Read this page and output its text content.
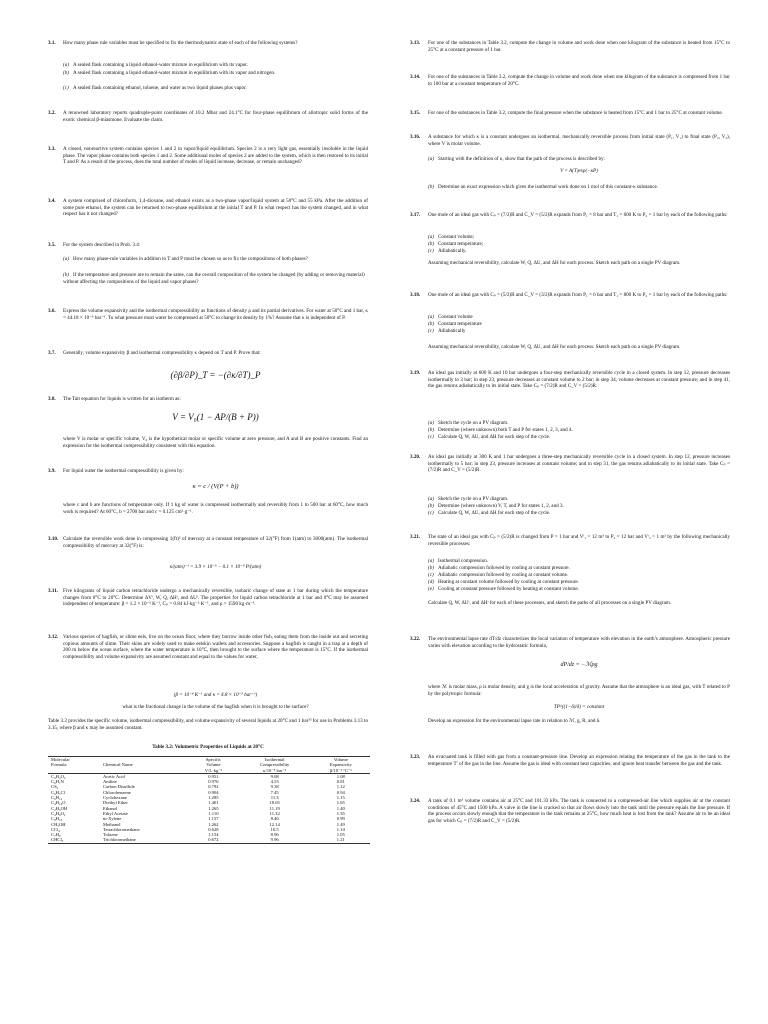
3.1. How many phase rule variables must be specified to fix the thermodynamic state of each of the following systems?
(a) A sealed flask containing a liquid ethanol-water mixture in equilibrium with its vapor.
(b) A sealed flask containing a liquid ethanol-water mixture in equilibrium with its vapor and nitrogen.
(c) A sealed flask containing ethanol, toluene, and water as two liquid phases plus vapor.
3.2. A renowned laboratory reports quadruple-point coordinates of 10.2 Mbar and 24.1°C for four-phase equilibrium of allotropic solid forms of the exotic chemical β-miasmone. Evaluate the claim.
3.3. A closed, nonreactive system contains species 1 and 2 in vapor/liquid equilibrium. Species 2 is a very light gas, essentially insoluble in the liquid phase. The vapor phase contains both species 1 and 2. Some additional moles of species 2 are added to the system, which is then restored to its initial T and P. As a result of the process, does the total number of moles of liquid increase, decrease, or remain unchanged?
3.4. A system comprised of chloroform, 1,4-dioxane, and ethanol exists as a two-phase vapor/liquid system at 50°C and 55 kPa. After the addition of some pure ethanol, the system can be returned to two-phase equilibrium at the initial T and P. In what respect has the system changed, and in what respect has it not changed?
3.5. For the system described in Prob. 3.4:
(a) How many phase-rule variables in addition to T and P must be chosen so as to fix the compositions of both phases?
(b) If the temperature and pressure are to remain the same, can the overall composition of the system be changed (by adding or removing material) without affecting the compositions of the liquid and vapor phases?
3.6. Express the volume expansivity and the isothermal compressibility as functions of density ρ and its partial derivatives. For water at 50°C and 1 bar, κ = 44.18 × 10⁻⁶ bar⁻¹. To what pressure must water be compressed at 50°C to change its density by 1%? Assume that κ is independent of P.
3.7. Generally, volume expansivity β and isothermal compressibility κ depend on T and P. Prove that:
(∂β/∂P)_T = −(∂κ/∂T)_P
3.8. The Tait equation for liquids is written for an isotherm as:
V = V₀(1 − AP/(B + P))
where V is molar or specific volume, V₀ is the hypothetical molar or specific volume at zero pressure, and A and B are positive constants. Find an expression for the isothermal compressibility consistent with this equation.
3.9. For liquid water the isothermal compressibility is given by:
κ = c / (V(P + b))
where c and b are functions of temperature only. If 1 kg of water is compressed isothermally and reversibly from 1 to 500 bar at 60°C, how much work is required? At 60°C, b = 2700 bar and c = 0.125 cm³·g⁻¹.
3.10. Calculate the reversible work done in compressing 1(ft)³ of mercury at a constant temperature of 32(°F) from 1(atm) to 3000(atm). The isothermal compressibility of mercury at 32(°F) is:
κ/(atm)⁻¹ = 3.9 × 10⁻⁶ − 0.1 × 10⁻⁹ P/(atm)
3.11. Five kilograms of liquid carbon tetrachloride undergo a mechanically reversible, isobaric change of state at 1 bar during which the temperature changes from 0°C to 20°C. Determine ΔVᵗ, W, Q, ΔHᵗ, and ΔUᵗ. The properties for liquid carbon tetrachloride at 1 bar and 0°C may be assumed independent of temperature: β = 1.2 × 10⁻³ K⁻¹, Cₚ = 0.84 kJ·kg⁻¹·K⁻¹, and ρ = 1590 kg·m⁻³.
3.12. Various species of hagfish, or slime eels, live on the ocean floor, where they burrow inside other fish, eating them from the inside out and secreting copious amounts of slime. Their skins are widely used to make eelskin wallets and accessories. Suppose a hagfish is caught in a trap at a depth of 200 m below the ocean surface, where the water temperature is 10°C, then brought to the surface where the temperature is 15°C. If the isothermal compressibility and volume expansivity are assumed constant and equal to the values for water,
(β = 10⁻⁴ K⁻¹ and κ = 4.8 × 10⁻⁵ bar⁻¹)
what is the fractional change in the volume of the hagfish when it is brought to the surface?
Table 3.2 provides the specific volume, isothermal compressibility, and volume expansivity of several liquids at 20°C and 1 bar²³ for use in Problems 3.13 to 3.15, where β and κ may be assumed constant.
Table 3.2: Volumetric Properties of Liquids at 20°C
Molecular		Specific	Isothermal	Volume
Formula	Chemical Name	Volume	Compressibility	Expansivity
		V/L·kg⁻¹	κ/10⁻⁵ bar⁻¹	β/10⁻³ °C⁻¹
C₂H₄O₂	Acetic Acid	0.951	9.08	1.08
C₆H₇N	Aniline	0.976	4.53	0.81
CS₂	Carbon Disulfide	0.792	9.38	1.12
C₆H₅Cl	Chlorobenzene	0.904	7.45	0.94
C₆H₁₂	Cyclohexane	1.285	11.3	1.15
C₄H₁₀O	Diethyl Ether	1.401	18.65	1.65
C₂H₅OH	Ethanol	1.265	11.19	1.40
C₄H₈O₂	Ethyl Acetate	1.110	11.32	1.35
C₈H₁₀	m-Xylene	1.157	8.46	0.99
CH₃OH	Methanol	1.262	12.14	1.49
CCl₄	Tetrachloromethane	0.628	10.5	1.14
C₇H₈	Toluene	1.154	8.96	1.05
CHCl₃	Trichloromethane	0.672	9.96	1.21
3.13. For one of the substances in Table 3.2, compute the change in volume and work done when one kilogram of the substance is heated from 15°C to 25°C at a constant pressure of 1 bar.
3.14. For one of the substances in Table 3.2, compute the change in volume and work done when one kilogram of the substance is compressed from 1 bar to 100 bar at a constant temperature of 20°C.
3.15. For one of the substances in Table 3.2, compute the final pressure when the substance is heated from 15°C and 1 bar to 25°C at constant volume.
3.16. A substance for which κ is a constant undergoes an isothermal, mechanically reversible process from initial state (P₁, V₁) to final state (P₂, V₂), where V is molar volume.
(a) Starting with the definition of κ, show that the path of the process is described by:
V = A(T)exp(−κP)
(b) Determine an exact expression which gives the isothermal work done on 1 mol of this constant-κ substance.
3.17. One mole of an ideal gas with Cₚ = (7/2)R and C_V = (5/2)R expands from P₁ = 8 bar and T₁ = 600 K to P₂ = 1 bar by each of the following paths:
(a) Constant volume;
(b) Constant temperature;
(c) Adiabatically.
Assuming mechanical reversibility, calculate W, Q, ΔU, and ΔH for each process. Sketch each path on a single PV diagram.
3.18. One mole of an ideal gas with Cₚ = (5/2)R and C_V = (3/2)R expands from P₁ = 6 bar and T₁ = 800 K to P₂ = 1 bar by each of the following paths:
(a) Constant volume
(b) Constant temperature
(c) Adiabatically
Assuming mechanical reversibility, calculate W, Q, ΔU, and ΔH for each process. Sketch each path on a single PV diagram.
3.19. An ideal gas initially at 600 K and 10 bar undergoes a four-step mechanically reversible cycle in a closed system. In step 12, pressure decreases isothermally to 3 bar; in step 23, pressure decreases at constant volume to 2 bar; in step 34, volume decreases at constant pressure; and in step 41, the gas returns adiabatically to its initial state. Take Cₚ = (7/2)R and C_V = (5/2)R.
(a) Sketch the cycle on a PV diagram.
(b) Determine (where unknown) both T and P for states 1, 2, 3, and 4.
(c) Calculate Q, W, ΔU, and ΔH for each step of the cycle.
3.20. An ideal gas initially at 300 K and 1 bar undergoes a three-step mechanically reversible cycle in a closed system. In step 12, pressure increases isothermally to 5 bar; in step 23, pressure increases at constant volume; and in step 31, the gas returns adiabatically to its initial state. Take Cₚ = (7/2)R and C_V = (5/2)R.
(a) Sketch the cycle on a PV diagram.
(b) Determine (where unknown) V, T, and P for states 1, 2, and 3.
(c) Calculate Q, W, ΔU, and ΔH for each step of the cycle.
3.21. The state of an ideal gas with Cₚ = (5/2)R is changed from P = 1 bar and Vᵗ₁ = 12 m³ to P₂ = 12 bar and Vᵗ₂ = 1 m³ by the following mechanically reversible processes:
(a) Isothermal compression.
(b) Adiabatic compression followed by cooling at constant pressure.
(c) Adiabatic compression followed by cooling at constant volume.
(d) Heating at constant volume followed by cooling at constant pressure.
(e) Cooling at constant pressure followed by heating at constant volume.
Calculate Q, W, ΔUᵗ, and ΔHᵗ for each of these processes, and sketch the paths of all processes on a single PV diagram.
3.22. The environmental lapse rate dT/dz characterizes the local variation of temperature with elevation in the earth’s atmosphere. Atmospheric pressure varies with elevation according to the hydrostatic formula,
dP/dz = −ℳρg
where ℳ is molar mass, ρ is molar density, and g is the local acceleration of gravity. Assume that the atmosphere is an ideal gas, with T related to P by the polytropic formula:
TP^((1−δ)/δ) = constant
Develop an expression for the environmental lapse rate in relation to ℳ, g, R, and δ.
3.23. An evacuated tank is filled with gas from a constant-pressure line. Develop an expression relating the temperature of the gas in the tank to the temperature T′ of the gas in the line. Assume the gas is ideal with constant heat capacities, and ignore heat transfer between the gas and the tank.
3.24. A tank of 0.1 m³ volume contains air at 25°C and 101.33 kPa. The tank is connected to a compressed-air line which supplies air at the constant conditions of 45°C and 1500 kPa. A valve in the line is cracked so that air flows slowly into the tank until the pressure equals the line pressure. If the process occurs slowly enough that the temperature in the tank remains at 25°C, how much heat is lost from the tank? Assume air to be an ideal gas for which Cₚ = (7/2)R and C_V = (5/2)R.
